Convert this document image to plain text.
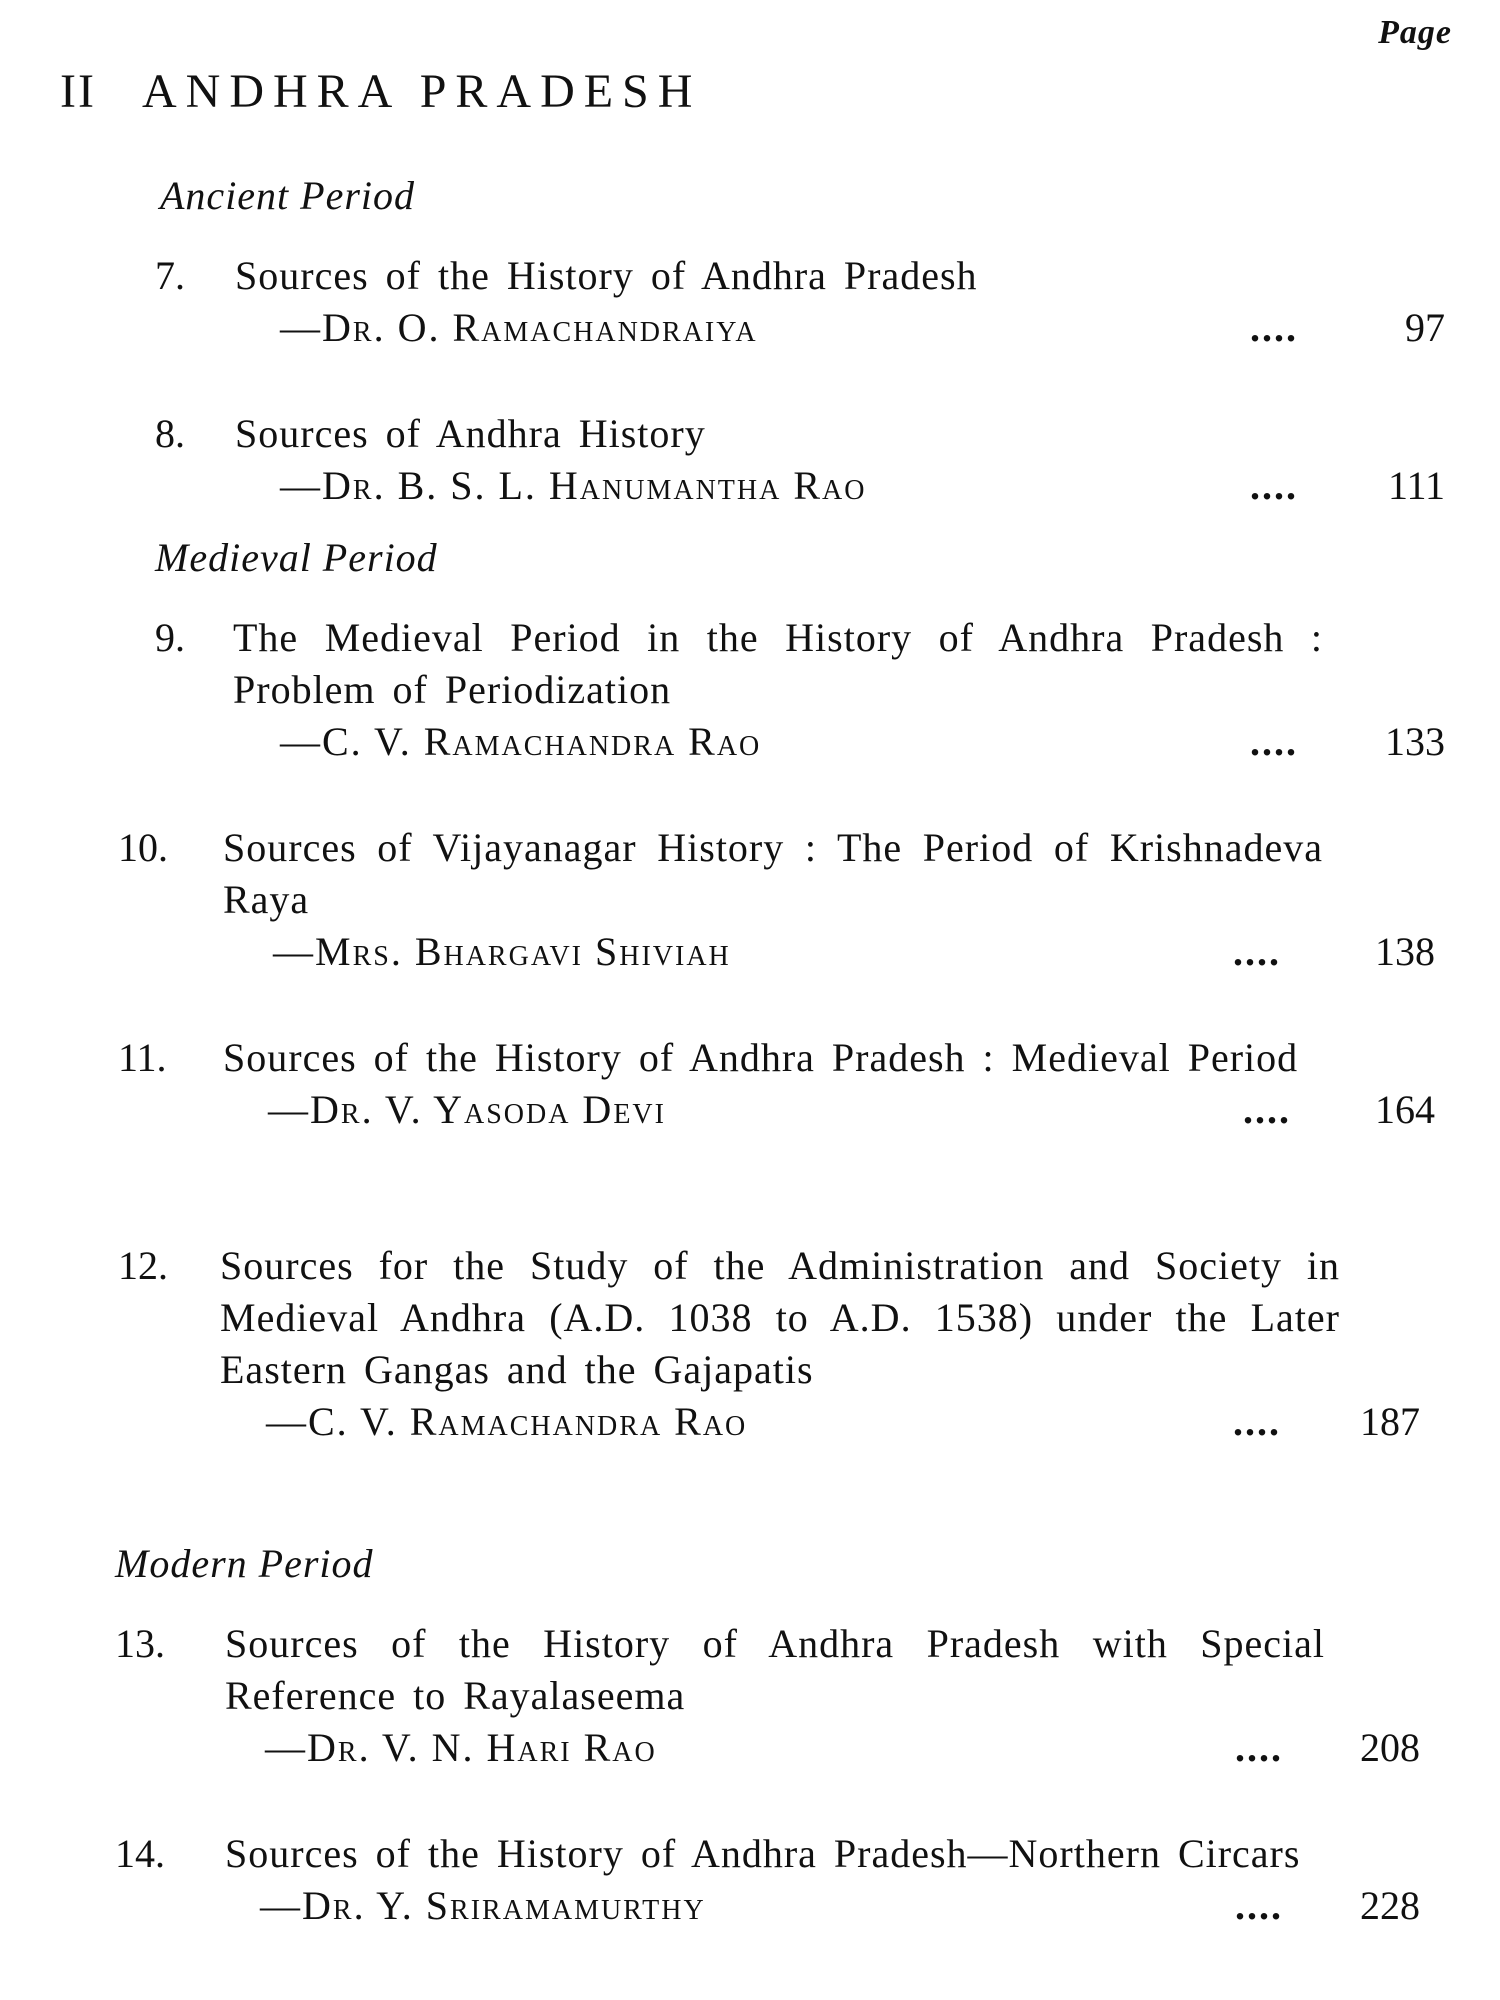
Page
II ANDHRA PRADESH
Ancient Period
7. Sources of the History of Andhra Pradesh
—Dr. O. Ramachandraiya	....	97
8. Sources of Andhra History
—Dr. B. S. L. Hanumantha Rao	....	111
Medieval Period
9. The Medieval Period in the History of Andhra Pradesh : Problem of Periodization
—C. V. Ramachandra Rao	....	133
10. Sources of Vijayanagar History : The Period of Krishnadeva Raya
—Mrs. Bhargavi Shiviah	....	138
11. Sources of the History of Andhra Pradesh : Medieval Period
—Dr. V. Yasoda Devi	....	164
12. Sources for the Study of the Administration and Society in Medieval Andhra (A.D. 1038 to A.D. 1538) under the Later Eastern Gangas and the Gajapatis
—C. V. Ramachandra Rao	....	187
Modern Period
13. Sources of the History of Andhra Pradesh with Special Reference to Rayalaseema
—Dr. V. N. Hari Rao	....	208
14. Sources of the History of Andhra Pradesh—Northern Circars
—Dr. Y. Sriramamurthy	....	228
